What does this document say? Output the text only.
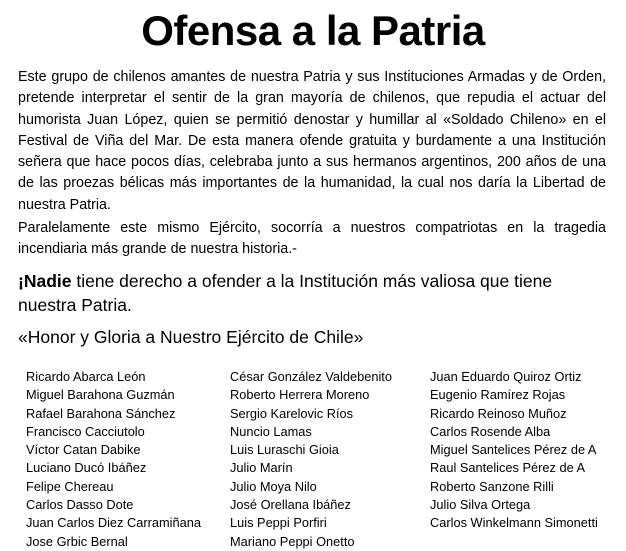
Ofensa a la Patria

Este grupo de chilenos amantes de nuestra Patria y sus Instituciones Armadas y de Orden, pretende interpretar el sentir de la gran mayoría de chilenos, que repudia el actuar del humorista Juan López, quien se permitió denostar y humillar al «Soldado Chileno» en el Festival de Viña del Mar. De esta manera ofende gratuita y burdamente a una Institución señera que hace pocos días, celebraba junto a sus hermanos argentinos, 200 años de una de las proezas bélicas más importantes de la humanidad, la cual nos daría la Libertad de nuestra Patria.

Paralelamente este mismo Ejército, socorría a nuestros compatriotas en la tragedia incendiaria más grande de nuestra historia.-

¡Nadie tiene derecho a ofender a la Institución más valiosa que tiene nuestra Patria.

«Honor y Gloria a Nuestro Ejército de Chile»

Ricardo Abarca León
Miguel Barahona Guzmán
Rafael Barahona Sánchez
Francisco Cacciutolo
Víctor Catan Dabike
Luciano Ducó Ibáñez
Felipe Chereau
Carlos Dasso Dote
Juan Carlos Diez Carramiñana
Jose Grbic Bernal
César González Valdebenito
Roberto Herrera Moreno
Sergio Karelovic Ríos
Nuncio Lamas
Luis Luraschi Gioia
Julio Marín
Julio Moya Nilo
José Orellana Ibáñez
Luis Peppi Porfiri
Mariano Peppi Onetto
Juan Eduardo Quiroz Ortiz
Eugenio Ramírez Rojas
Ricardo Reinoso Muñoz
Carlos Rosende Alba
Miguel Santelices Pérez de A
Raul Santelices Pérez de A
Roberto Sanzone Rilli
Julio Silva Ortega
Carlos Winkelmann Simonetti
